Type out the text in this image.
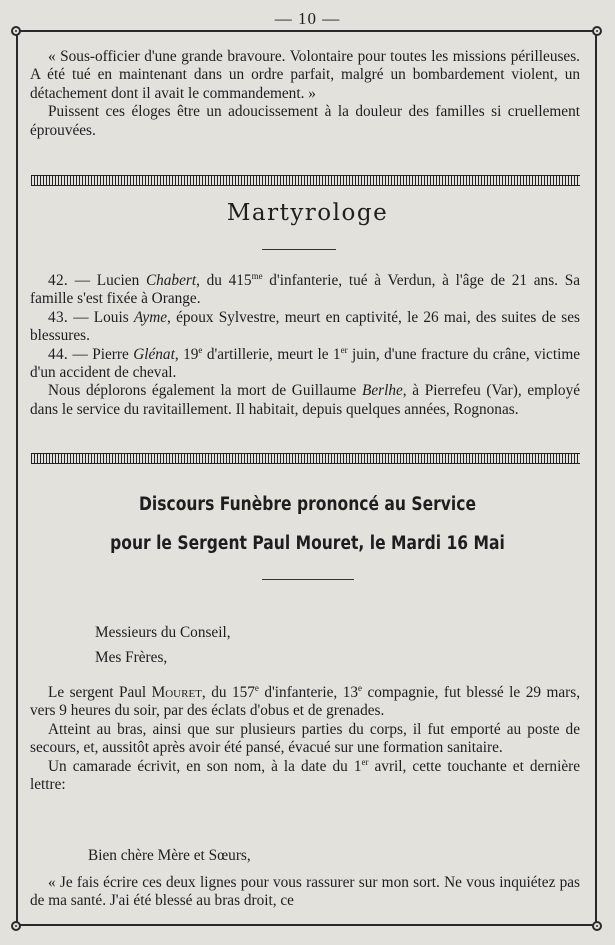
— 10 —

« Sous-officier d'une grande bravoure. Volontaire pour toutes les missions périlleuses. A été tué en maintenant dans un ordre parfait, malgré un bombardement violent, un détachement dont il avait le commandement. »

Puissent ces éloges être un adoucissement à la douleur des familles si cruellement éprouvées.

Martyrologe

42. — Lucien Chabert, du $415^{me}$ d'infanterie, tué à Verdun, à l'âge de 21 ans. Sa famille s'est fixée à Orange.

43. — Louis Ayme, époux Sylvestre, meurt en captivité, le 26 mai, des suites de ses blessures.

44. — Pierre Glénat, 19e d'artillerie, meurt le 1er juin, d'une fracture du crâne, victime d'un accident de cheval.

Nous déplorons également la mort de Guillaume Berlhe, à Pierrefeu (Var), employé dans le service du ravitaillement. Il habitait, depuis quelques années, Rognonas.

Discours Funèbre prononcé au Service
pour le Sergent Paul Mouret, le Mardi 16 Mai
Messieurs du Conseil,
Mes Frères,

Le sergent Paul Mouret, du 157e d'infanterie, 13e compagnie, fut blessé le 29 mars, vers 9 heures du soir, par des éclats d'obus et de grenades.

Atteint au bras, ainsi que sur plusieurs parties du corps, il fut emporté au poste de secours, et, aussitôt après avoir été pansé, évacué sur une formation sanitaire.

Un camarade écrivit, en son nom, à la date du 1er avril, cette touchante et dernière lettre:

Bien chère Mère et Sœurs,

« Je fais écrire ces deux lignes pour vous rassurer sur mon sort. Ne vous inquiétez pas de ma santé. J'ai été blessé au bras droit, ce
